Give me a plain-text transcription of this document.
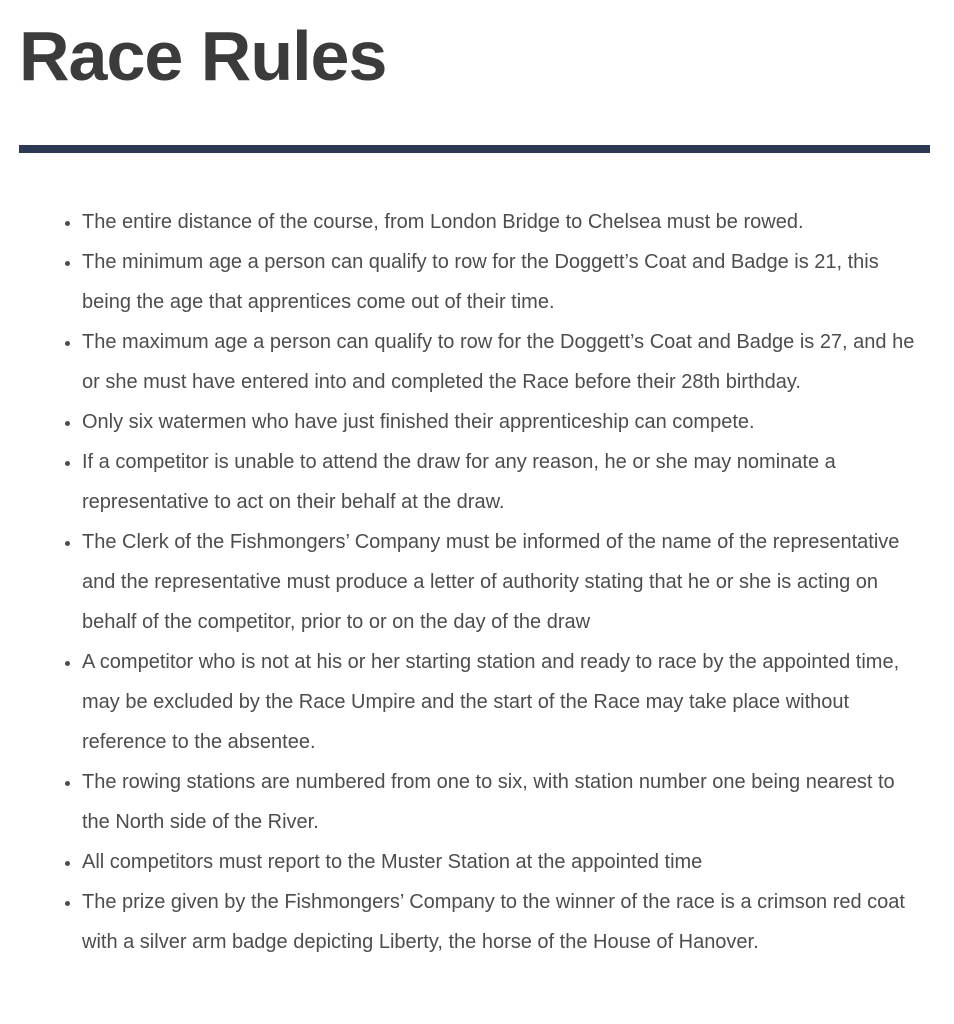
Race Rules
• The entire distance of the course, from London Bridge to Chelsea must be rowed.
• The minimum age a person can qualify to row for the Doggett’s Coat and Badge is 21, this being the age that apprentices come out of their time.
• The maximum age a person can qualify to row for the Doggett’s Coat and Badge is 27, and he or she must have entered into and completed the Race before their 28th birthday.
• Only six watermen who have just finished their apprenticeship can compete.
• If a competitor is unable to attend the draw for any reason, he or she may nominate a representative to act on their behalf at the draw.
• The Clerk of the Fishmongers’ Company must be informed of the name of the representative and the representative must produce a letter of authority stating that he or she is acting on behalf of the competitor, prior to or on the day of the draw
• A competitor who is not at his or her starting station and ready to race by the appointed time, may be excluded by the Race Umpire and the start of the Race may take place without reference to the absentee.
• The rowing stations are numbered from one to six, with station number one being nearest to the North side of the River.
• All competitors must report to the Muster Station at the appointed time
• The prize given by the Fishmongers’ Company to the winner of the race is a crimson red coat with a silver arm badge depicting Liberty, the horse of the House of Hanover.
